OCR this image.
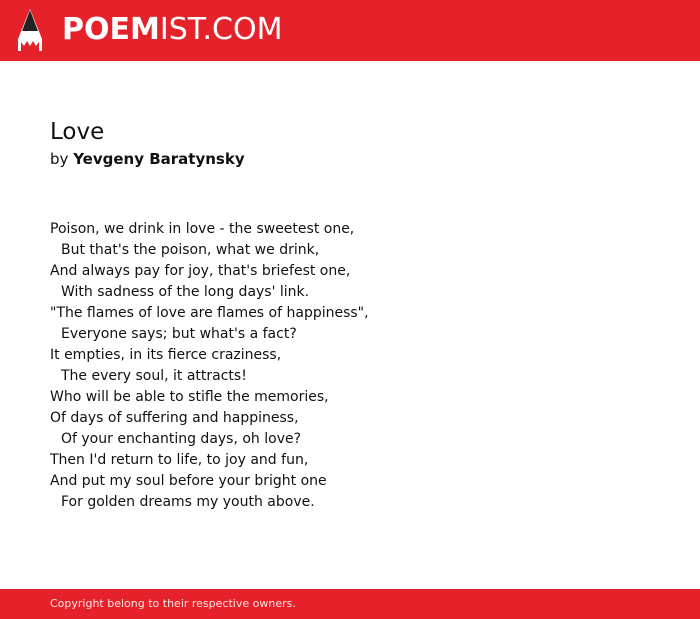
POEMIST.COM
Love
by Yevgeny Baratynsky
Poison, we drink in love - the sweetest one,
But that's the poison, what we drink,
And always pay for joy, that's briefest one,
With sadness of the long days' link.
"The flames of love are flames of happiness",
Everyone says; but what's a fact?
It empties, in its fierce craziness,
The every soul, it attracts!
Who will be able to stifle the memories,
Of days of suffering and happiness,
Of your enchanting days, oh love?
Then I'd return to life, to joy and fun,
And put my soul before your bright one
For golden dreams my youth above.
Copyright belong to their respective owners.
